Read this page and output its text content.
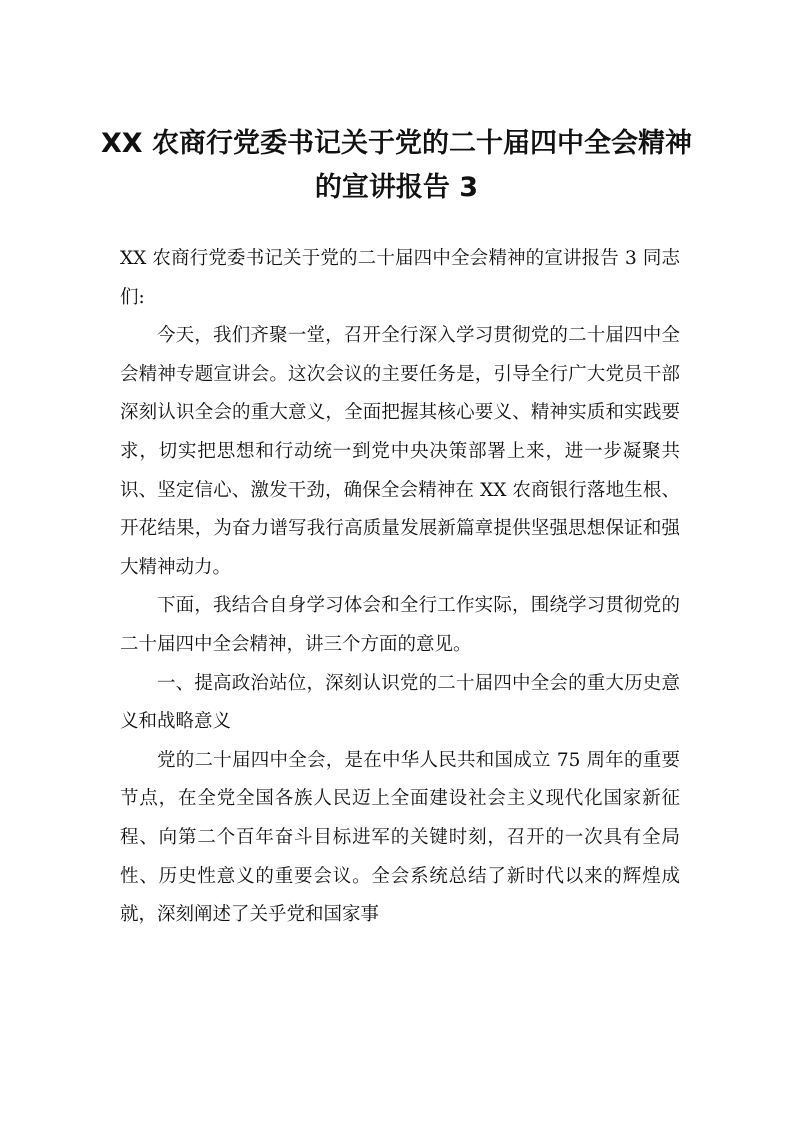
XX 农商行党委书记关于党的二十届四中全会精神的宣讲报告 3

XX 农商行党委书记关于党的二十届四中全会精神的宣讲报告 3 同志们:

今天，我们齐聚一堂，召开全行深入学习贯彻党的二十届四中全会精神专题宣讲会。这次会议的主要任务是，引导全行广大党员干部深刻认识全会的重大意义，全面把握其核心要义、精神实质和实践要求，切实把思想和行动统一到党中央决策部署上来，进一步凝聚共识、坚定信心、激发干劲，确保全会精神在 XX 农商银行落地生根、开花结果，为奋力谱写我行高质量发展新篇章提供坚强思想保证和强大精神动力。

下面，我结合自身学习体会和全行工作实际，围绕学习贯彻党的二十届四中全会精神，讲三个方面的意见。

一、提高政治站位，深刻认识党的二十届四中全会的重大历史意义和战略意义

党的二十届四中全会，是在中华人民共和国成立 75 周年的重要节点，在全党全国各族人民迈上全面建设社会主义现代化国家新征程、向第二个百年奋斗目标进军的关键时刻，召开的一次具有全局性、历史性意义的重要会议。全会系统总结了新时代以来的辉煌成就，深刻阐述了关乎党和国家事
